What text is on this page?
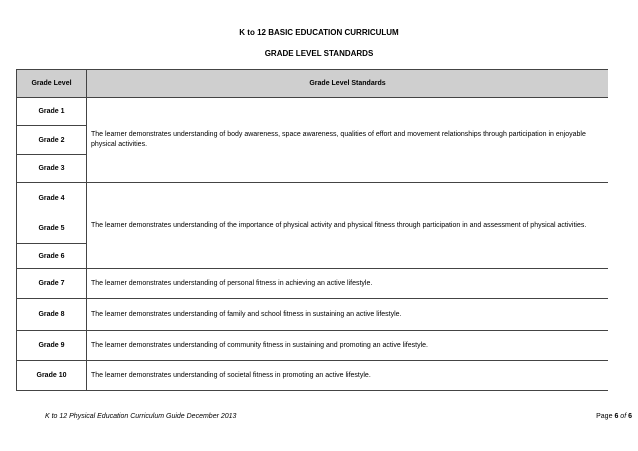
K to 12 BASIC EDUCATION CURRICULUM
GRADE LEVEL STANDARDS
Grade Level	Grade Level Standards
Grade 1	The learner demonstrates understanding of body awareness, space awareness, qualities of effort and movement relationships through participation in enjoyable physical activities.
Grade 2	
Grade 3	
Grade 4	The learner demonstrates understanding of the importance of physical activity and physical fitness through participation in and assessment of physical activities.
Grade 5	
Grade 6	
Grade 7	The learner demonstrates understanding of personal fitness in achieving an active lifestyle.
Grade 8	The learner demonstrates understanding of family and school fitness in sustaining an active lifestyle.
Grade 9	The learner demonstrates understanding of community fitness in sustaining and promoting an active lifestyle.
Grade 10	The learner demonstrates understanding of societal fitness in promoting an active lifestyle.
K to 12 Physical Education Curriculum Guide December 2013	Page 6 of 6
